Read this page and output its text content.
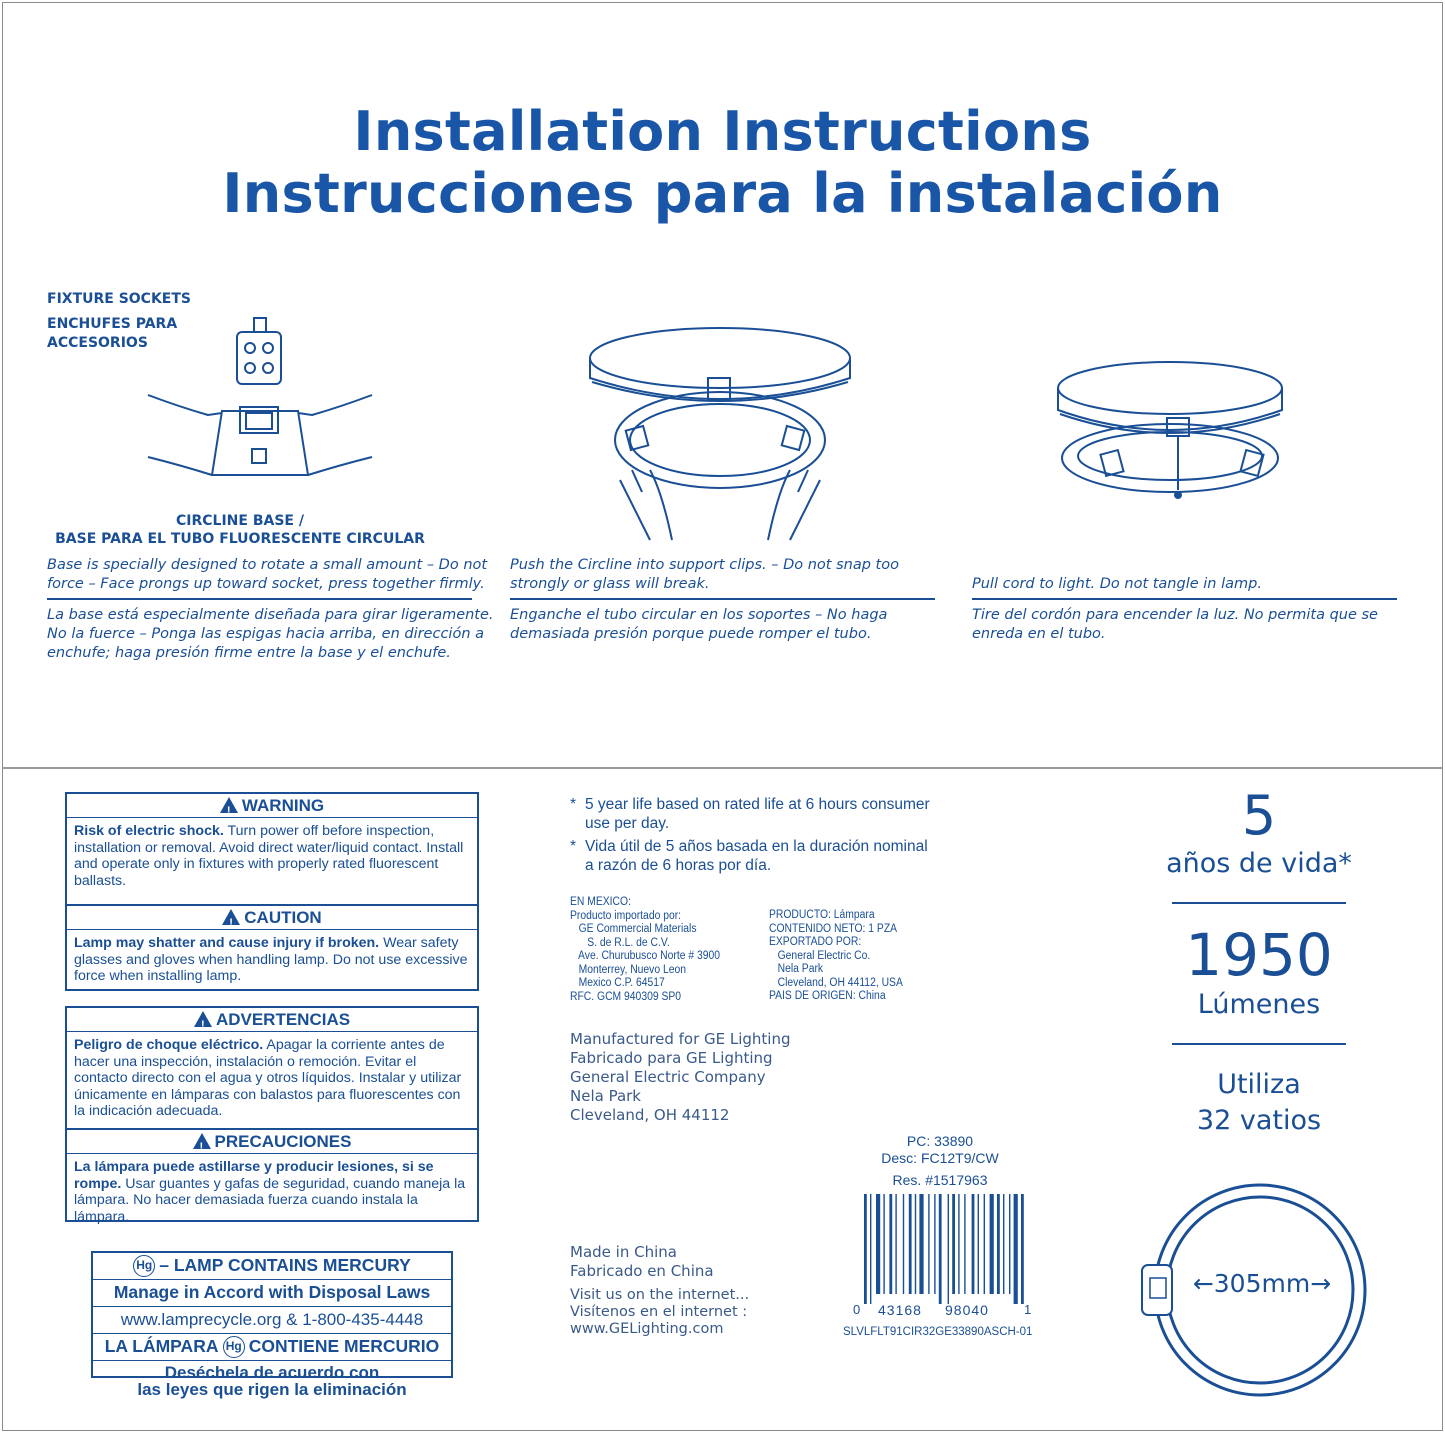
Installation Instructions
Instrucciones para la instalación
FIXTURE SOCKETS
ENCHUFES PARA
ACCESORIOS
CIRCLINE BASE /
BASE PARA EL TUBO FLUORESCENTE CIRCULAR
Base is specially designed to rotate a small amount – Do not
force – Face prongs up toward socket, press together firmly.
La base está especialmente diseñada para girar ligeramente.
No la fuerce – Ponga las espigas hacia arriba, en dirección a
enchufe; haga presión firme entre la base y el enchufe.
Push the Circline into support clips. – Do not snap too
strongly or glass will break.
Enganche el tubo circular en los soportes – No haga
demasiada presión porque puede romper el tubo.
Pull cord to light. Do not tangle in lamp.
Tire del cordón para encender la luz. No permita que se
enreda en el tubo.
!WARNING
Risk of electric shock. Turn power off before inspection, installation or removal. Avoid direct water/liquid contact. Install and operate only in fixtures with properly rated fluorescent ballasts.
!CAUTION
Lamp may shatter and cause injury if broken. Wear safety glasses and gloves when handling lamp. Do not use excessive force when installing lamp.
!ADVERTENCIAS
Peligro de choque eléctrico. Apagar la corriente antes de hacer una inspección, instalación o remoción. Evitar el contacto directo con el agua y otros líquidos. Instalar y utilizar únicamente en lámparas con balastos para fluorescentes con la indicación adecuada.
!PRECAUCIONES
La lámpara puede astillarse y producir lesiones, si se rompe. Usar guantes y gafas de seguridad, cuando maneja la lámpara. No hacer demasiada fuerza cuando instala la lámpara.
Hg – LAMP CONTAINS MERCURY
Manage in Accord with Disposal Laws
www.lamprecycle.org & 1-800-435-4448
LA LÁMPARA Hg CONTIENE MERCURIO
Deséchela de acuerdo con
las leyes que rigen la eliminación
* 5 year life based on rated life at 6 hours consumer
use per day.
* Vida útil de 5 años basada en la duración nominal
a razón de 6 horas por día.
EN MEXICO:
Producto importado por:
GE Commercial Materials
S. de R.L. de C.V.
Ave. Churubusco Norte # 3900
Monterrey, Nuevo Leon
Mexico C.P. 64517
RFC. GCM 940309 SP0
PRODUCTO: Lámpara
CONTENIDO NETO: 1 PZA
EXPORTADO POR:
General Electric Co.
Nela Park
Cleveland, OH 44112, USA
PAIS DE ORIGEN: China
Manufactured for GE Lighting
Fabricado para GE Lighting
General Electric Company
Nela Park
Cleveland, OH 44112
Made in China
Fabricado en China
Visit us on the internet...
Visítenos en el internet :
www.GELighting.com
PC: 33890
Desc: FC12T9/CW
Res. #1517963
0 43168 98040	1
SLVLFLT91CIR32GE33890ASCH-01
5
años de vida*
1950
Lúmenes
Utiliza
32 vatios
←305mm→
